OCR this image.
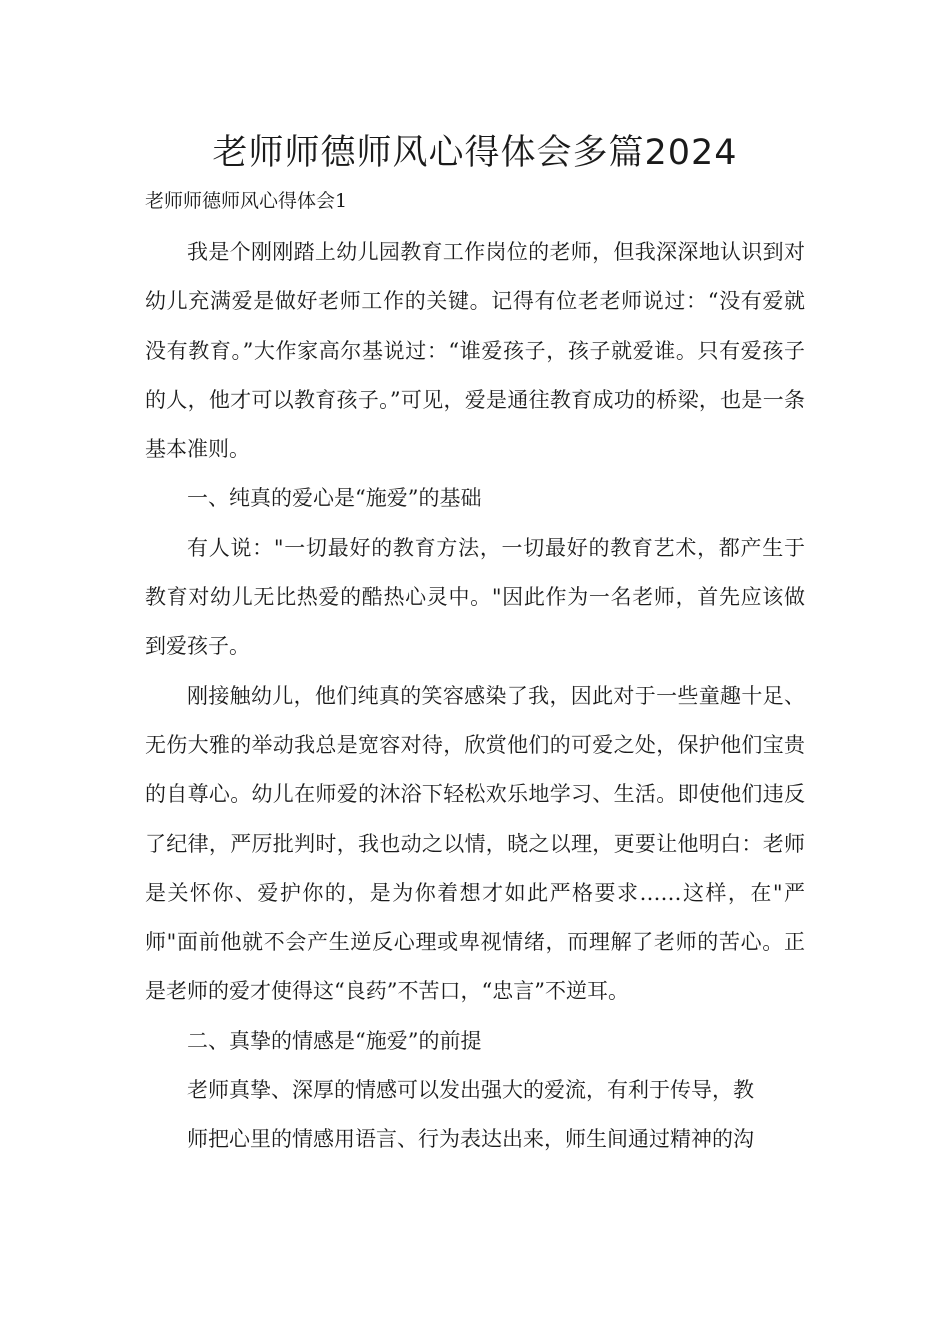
老师师德师风心得体会多篇2024
老师师德师风心得体会1

我是个刚刚踏上幼儿园教育工作岗位的老师，但我深深地认识到对幼儿充满爱是做好老师工作的关键。记得有位老老师说过：“没有爱就没有教育。”大作家高尔基说过：“谁爱孩子，孩子就爱谁。只有爱孩子的人，他才可以教育孩子。”可见，爱是通往教育成功的桥梁，也是一条基本准则。

一、纯真的爱心是“施爱”的基础

有人说："一切最好的教育方法，一切最好的教育艺术，都产生于教育对幼儿无比热爱的酷热心灵中。"因此作为一名老师，首先应该做到爱孩子。

刚接触幼儿，他们纯真的笑容感染了我，因此对于一些童趣十足、无伤大雅的举动我总是宽容对待，欣赏他们的可爱之处，保护他们宝贵的自尊心。幼儿在师爱的沐浴下轻松欢乐地学习、生活。即使他们违反了纪律，严厉批判时，我也动之以情，晓之以理，更要让他明白：老师是关怀你、爱护你的，是为你着想才如此严格要求……这样，在"严师"面前他就不会产生逆反心理或卑视情绪，而理解了老师的苦心。正是老师的爱才使得这“良药”不苦口，“忠言”不逆耳。

二、真挚的情感是“施爱”的前提

老师真挚、深厚的情感可以发出强大的爱流，有利于传导，教

师把心里的情感用语言、行为表达出来，师生间通过精神的沟
